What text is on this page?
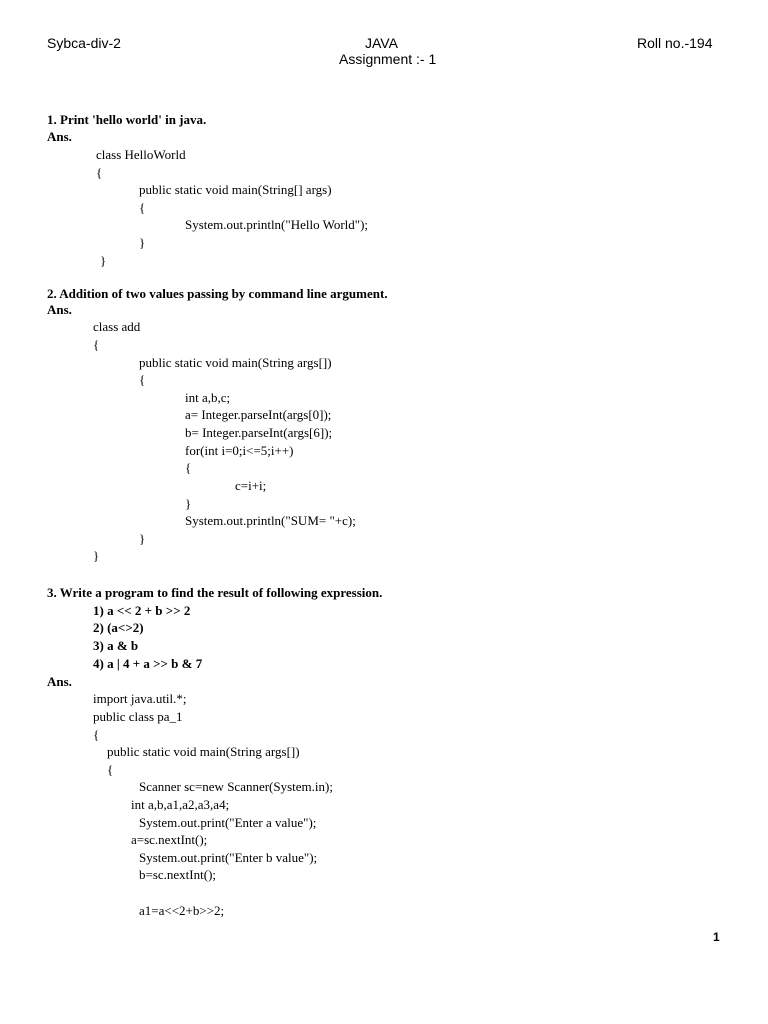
Sybca-div-2	JAVA	Roll no.-194
Assignment :- 1
1. Print 'hello world' in java.
Ans.
class HelloWorld
{
public static void main(String[] args)
{
System.out.println("Hello World");
}
}
2. Addition of two values passing by command line argument.
Ans.
class add
{
public static void main(String args[])
{
int a,b,c;
a= Integer.parseInt(args[0]);
b= Integer.parseInt(args[6]);
for(int i=0;i<=5;i++)
{
c=i+i;
}
System.out.println("SUM= "+c);
}
}
3. Write a program to find the result of following expression.
1) a << 2 + b >> 2
2) (a<>2)
3) a & b
4) a | 4 + a >> b & 7
Ans.
import java.util.*;
public class pa_1
{
public static void main(String args[])
{
Scanner sc=new Scanner(System.in);
int a,b,a1,a2,a3,a4;
System.out.print("Enter a value");
a=sc.nextInt();
System.out.print("Enter b value");
b=sc.nextInt();
a1=a<<2+b>>2;
1
